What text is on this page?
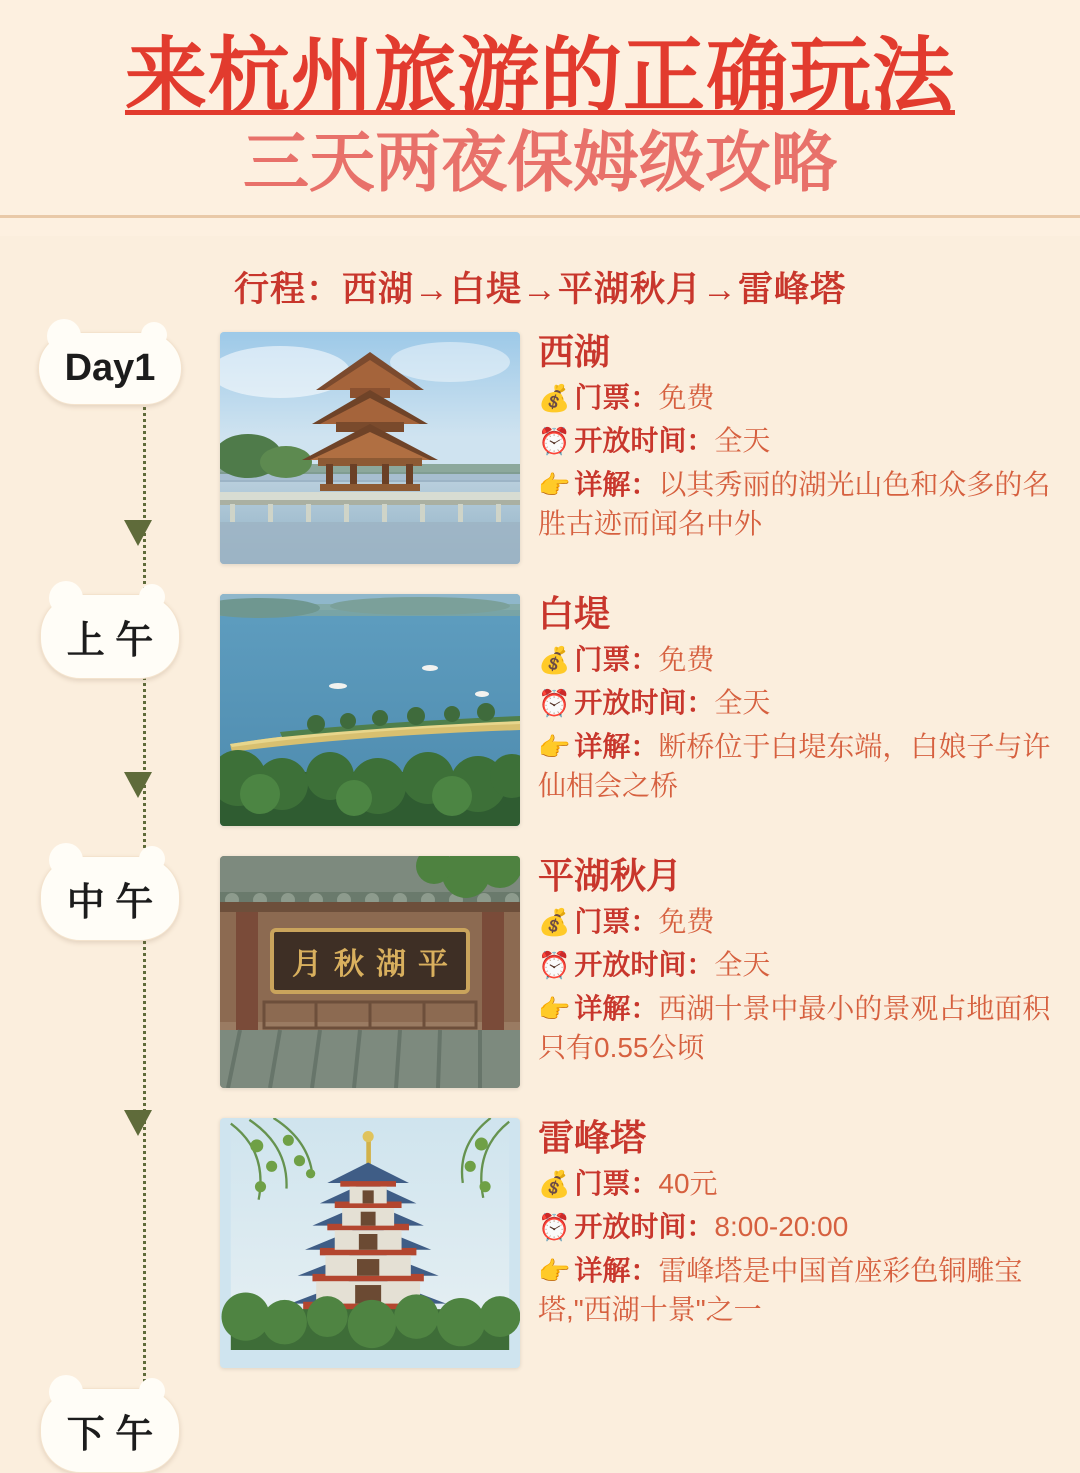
来杭州旅游的正确玩法
三天两夜保姆级攻略
行程：西湖→白堤→平湖秋月→雷峰塔
Day1	西湖
💰 门票：免费
⏰ 开放时间：全天
👉 详解：以其秀丽的湖光山色和众多的名胜古迹而闻名中外
上 午
白堤
💰 门票：免费
⏰ 开放时间：全天
👉 详解：断桥位于白堤东端，白娘子与许仙相会之桥
中 午
月 秋 湖 平
平湖秋月
💰 门票：免费
⏰ 开放时间：全天
👉 详解：西湖十景中最小的景观占地面积只有0.55公顷
下 午
雷峰塔
💰 门票：40元
⏰ 开放时间：8:00-20:00
👉 详解：雷峰塔是中国首座彩色铜雕宝塔,"西湖十景"之一
